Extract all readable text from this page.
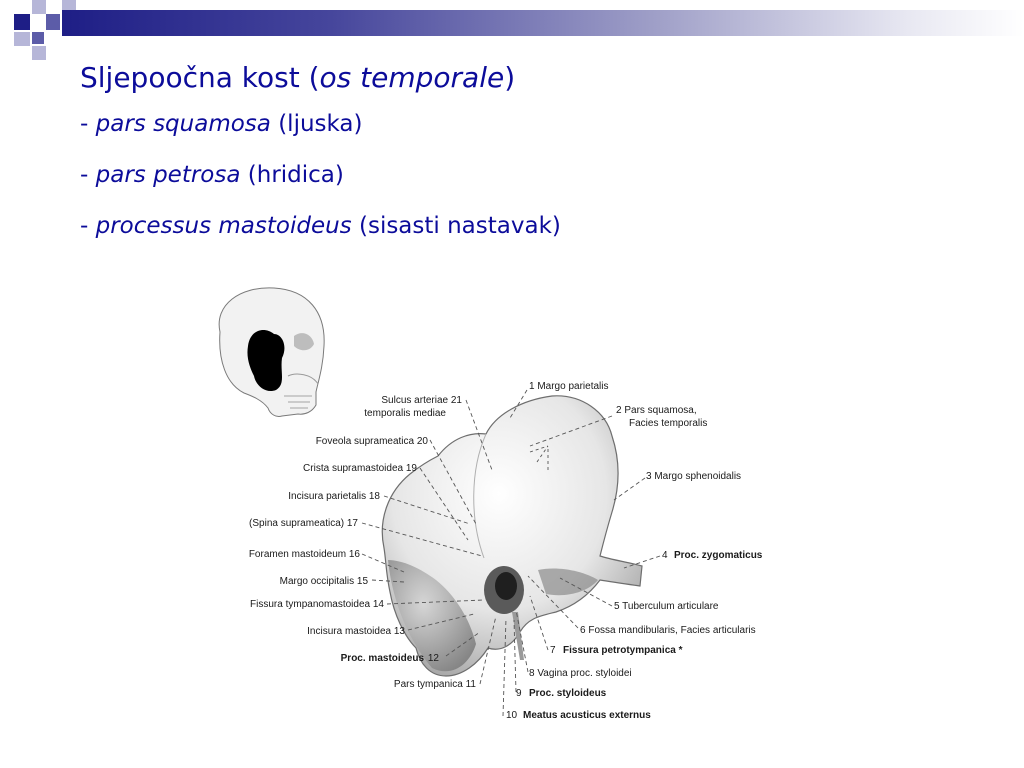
Sljepoočna kost (os temporale)
- pars squamosa (ljuska)
- pars petrosa (hridica)
- processus mastoideus (sisasti nastavak)
1 Margo parietalis
2 Pars squamosa,
Facies temporalis
3 Margo sphenoidalis
4 Proc. zygomaticus
5 Tuberculum articulare
6 Fossa mandibularis, Facies articularis
7 Fissura petrotympanica *
8 Vagina proc. styloidei
9 Proc. styloideus
10 Meatus acusticus externus
Sulcus arteriae 21
temporalis mediae
Foveola suprameatica 20
Crista supramastoidea 19
Incisura parietalis 18
(Spina suprameatica) 17
Foramen mastoideum 16
Margo occipitalis 15
Fissura tympanomastoidea 14
Incisura mastoidea 13
Proc. mastoideus 12
Pars tympanica 11
